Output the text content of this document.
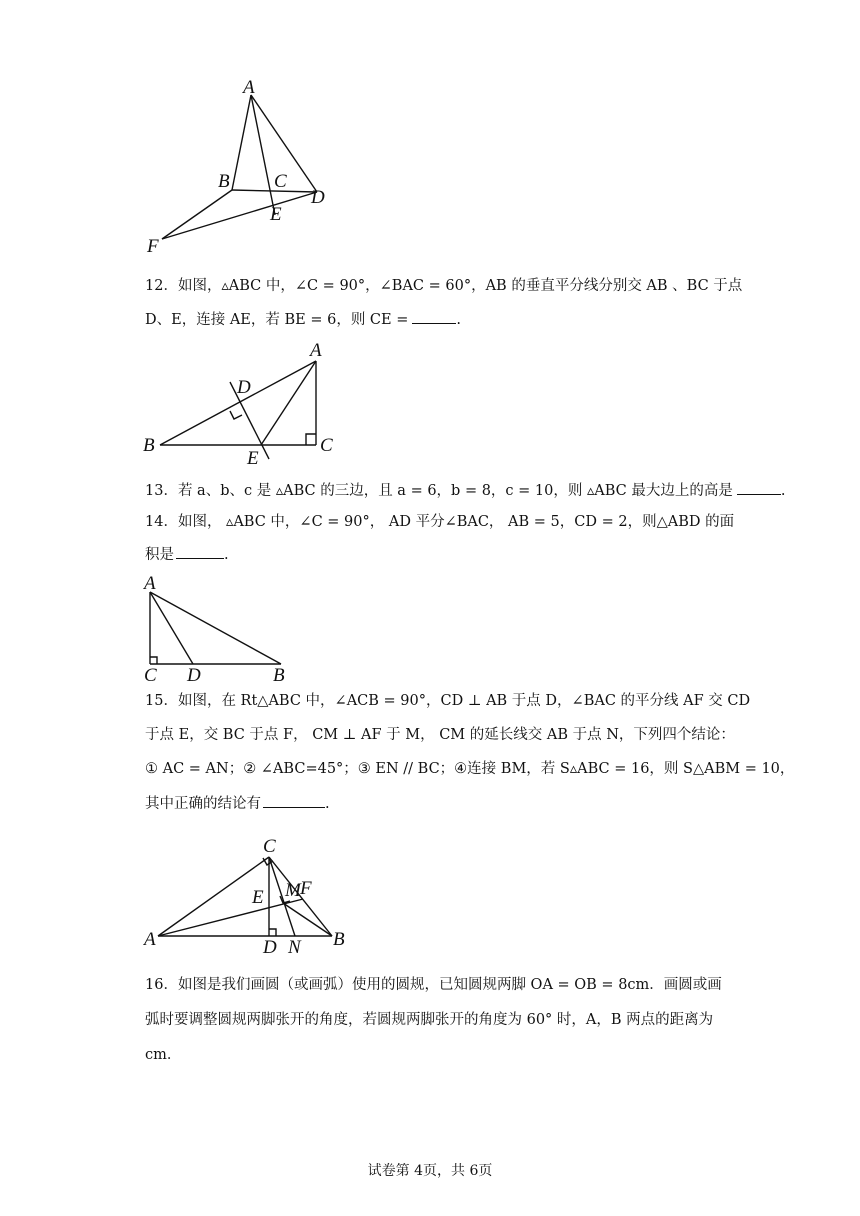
A
B C
D
E
F
12．如图，▵ABC 中，∠C = 90°，∠BAC = 60°，AB 的垂直平分线分别交 AB 、BC 于点
D、E，连接 AE，若 BE = 6，则 CE =	.
A
D
B
E
C
13．若 a、b、c 是 ▵ABC 的三边，且 a = 6，b = 8，c = 10，则 ▵ABC 最大边上的高是	.
14．如图， ▵ABC 中，∠C = 90°， AD 平分∠BAC， AB = 5，CD = 2，则△ABD 的面
积是	.
A
C D	B
15．如图，在 Rt△ABC 中，∠ACB = 90°，CD ⊥ AB 于点 D，∠BAC 的平分线 AF 交 CD
于点 E，交 BC 于点 F， CM ⊥ AF 于 M， CM 的延长线交 AB 于点 N，下列四个结论：
① AC = AN；② ∠ABC=45°；③ EN // BC；④连接 BM，若 S▵ABC = 16，则 S△ABM = 10，
其中正确的结论有	.
C
E M F
A	D N B
16．如图是我们画圆（或画弧）使用的圆规，已知圆规两脚 OA = OB = 8cm．画圆或画
弧时要调整圆规两脚张开的角度，若圆规两脚张开的角度为 60° 时，A，B 两点的距离为
cm．
试卷第 4页，共 6页
